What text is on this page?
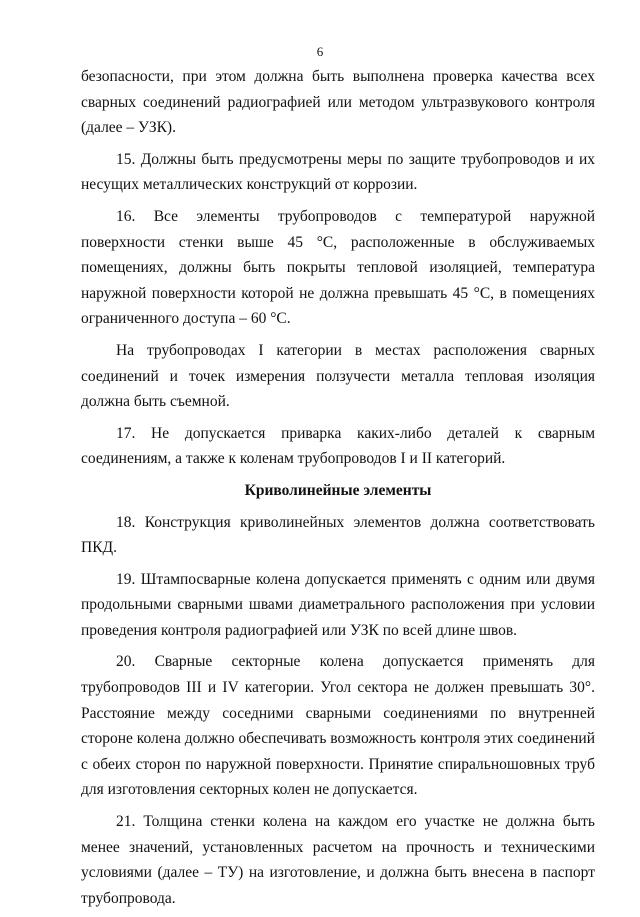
6

безопасности, при этом должна быть выполнена проверка качества всех сварных соединений радиографией или методом ультразвукового контроля (далее – УЗК).

15. Должны быть предусмотрены меры по защите трубопроводов и их несущих металлических конструкций от коррозии.

16. Все элементы трубопроводов с температурой наружной поверхности стенки выше 45 °С, расположенные в обслуживаемых помещениях, должны быть покрыты тепловой изоляцией, температура наружной поверхности которой не должна превышать 45 °С, в помещениях ограниченного доступа – 60 °С.

На трубопроводах I категории в местах расположения сварных соединений и точек измерения ползучести металла тепловая изоляция должна быть съемной.

17. Не допускается приварка каких-либо деталей к сварным соединениям, а также к коленам трубопроводов I и II категорий.

Криволинейные элементы

18. Конструкция криволинейных элементов должна соответствовать ПКД.

19. Штампосварные колена допускается применять с одним или двумя продольными сварными швами диаметрального расположения при условии проведения контроля радиографией или УЗК по всей длине швов.

20. Сварные секторные колена допускается применять для трубопроводов III и IV категории. Угол сектора не должен превышать 30°. Расстояние между соседними сварными соединениями по внутренней стороне колена должно обеспечивать возможность контроля этих соединений с обеих сторон по наружной поверхности. Принятие спиральношовных труб для изготовления секторных колен не допускается.

21. Толщина стенки колена на каждом его участке не должна быть менее значений, установленных расчетом на прочность и техническими условиями (далее – ТУ) на изготовление, и должна быть внесена в паспорт трубопровода.
